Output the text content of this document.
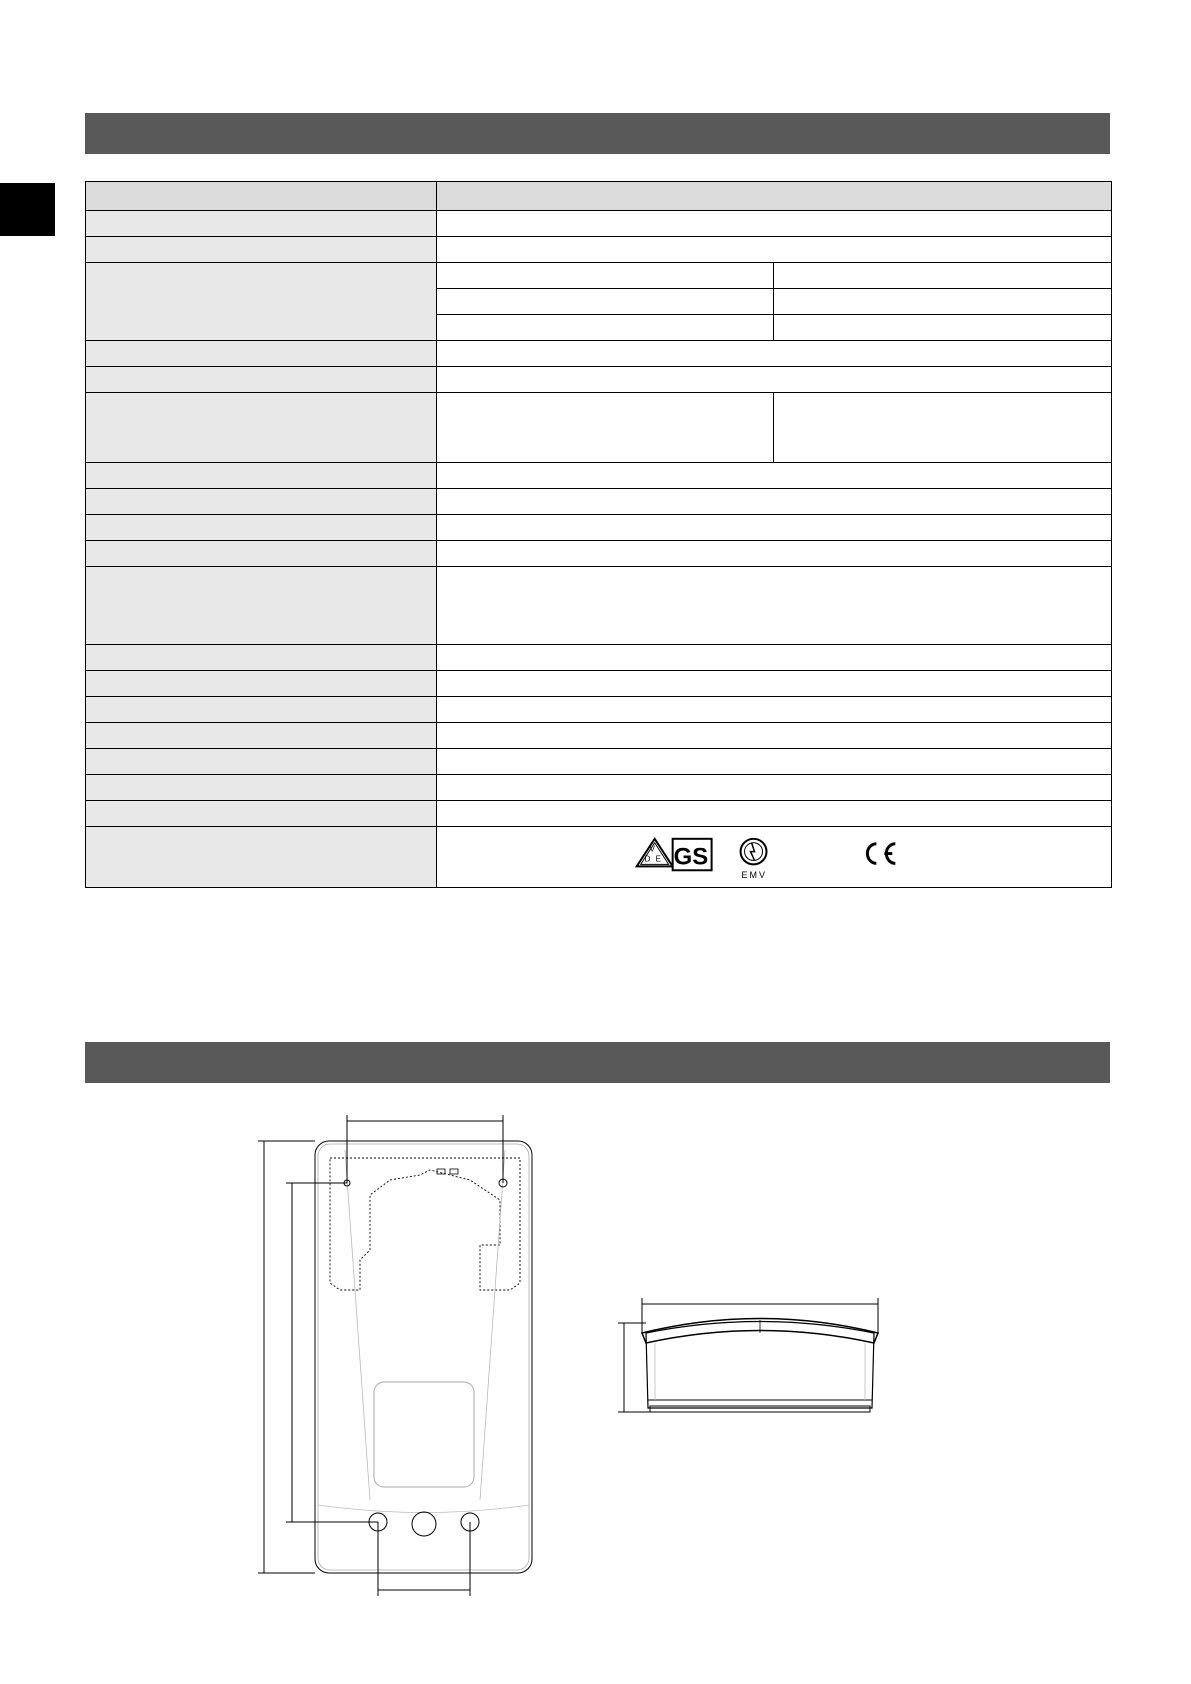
V
D E GS
EMV	
